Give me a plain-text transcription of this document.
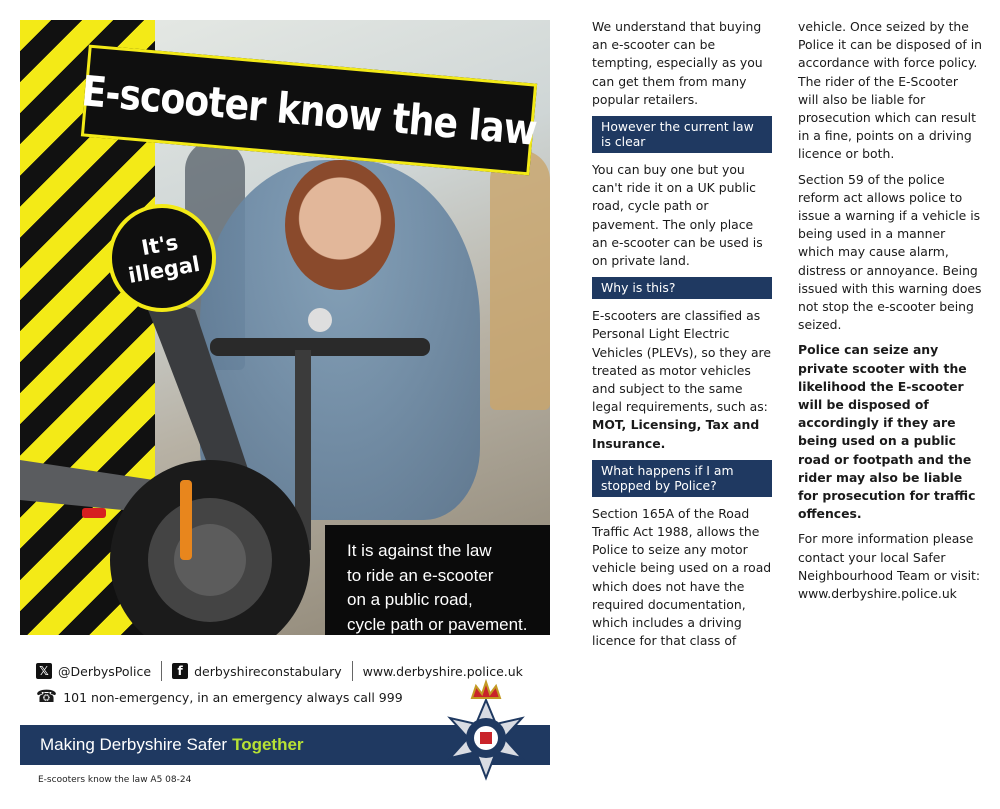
E-scooter know the law
It's
illegal

It is against the law
to ride an e-scooter
on a public road,
cycle path or pavement.

We understand that buying an e-scooter can be tempting, especially as you can get them from many popular retailers.

However the current law is clear

You can buy one but you can't ride it on a UK public road, cycle path or pavement. The only place an e-scooter can be used is on private land.

Why is this?

E-scooters are classified as Personal Light Electric Vehicles (PLEVs), so they are treated as motor vehicles and subject to the same legal requirements, such as: MOT, Licensing, Tax and Insurance.

What happens if I am stopped by Police?

Section 165A of the Road Traffic Act 1988, allows the Police to seize any motor vehicle being used on a road which does not have the required documentation, which includes a driving licence for that class of

vehicle. Once seized by the Police it can be disposed of in accordance with force policy. The rider of the E-Scooter will also be liable for prosecution which can result in a fine, points on a driving licence or both.

Section 59 of the police reform act allows police to issue a warning if a vehicle is being used in a manner which may cause alarm, distress or annoyance. Being issued with this warning does not stop the e-scooter being seized.

Police can seize any private scooter with the likelihood the E-scooter will be disposed of accordingly if they are being used on a public road or footpath and the rider may also be liable for prosecution for traffic offences.

For more information please contact your local Safer Neighbourhood Team or visit: www.derbyshire.police.uk

𝕏 @DerbysPolice	f derbyshireconstabulary www.derbyshire.police.uk
☎ 101 non-emergency, in an emergency always call 999
Making Derbyshire Safer Together
E-scooters know the law A5 08-24
